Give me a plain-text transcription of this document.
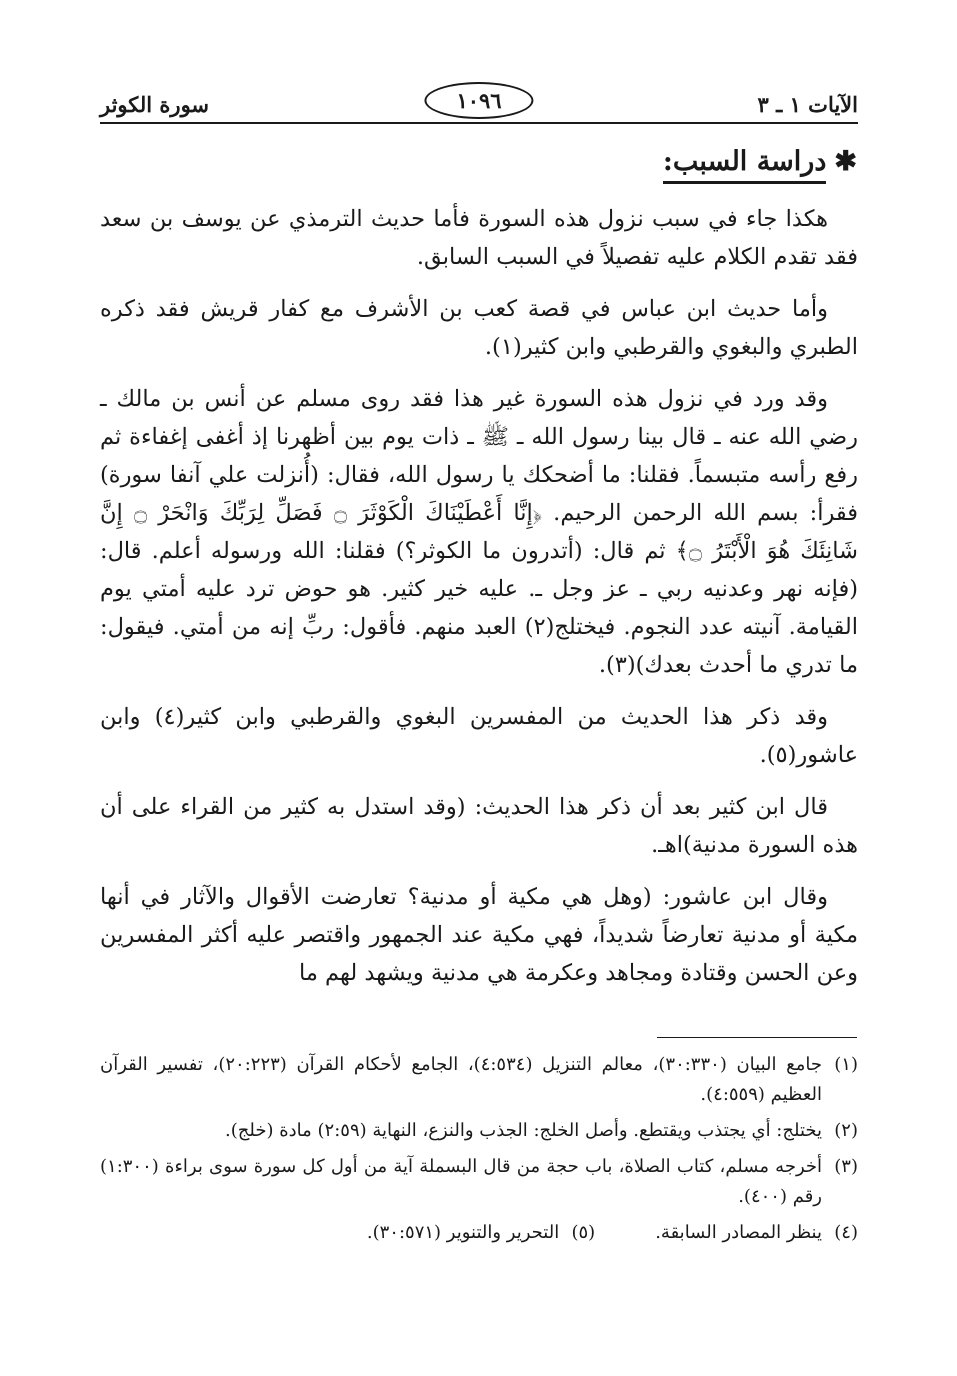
الآيات ١ ـ ٣
١٠٩٦
سورة الكوثر
✱دراسة السبب:

هكذا جاء في سبب نزول هذه السورة فأما حديث الترمذي عن يوسف بن سعد فقد تقدم الكلام عليه تفصيلاً في السبب السابق.

وأما حديث ابن عباس في قصة كعب بن الأشرف مع كفار قريش فقد ذكره الطبري والبغوي والقرطبي وابن كثير(١).

وقد ورد في نزول هذه السورة غير هذا فقد روى مسلم عن أنس بن مالك ـ رضي الله عنه ـ قال بينا رسول الله ـ ﷺ ـ ذات يوم بين أظهرنا إذ أغفى إغفاءة ثم رفع رأسه متبسماً. فقلنا: ما أضحكك يا رسول الله، فقال: (أُنزلت علي آنفا سورة) فقرأ: بسم الله الرحمن الرحيم. ﴿إِنَّا أَعْطَيْنَاكَ الْكَوْثَرَ ۝ فَصَلِّ لِرَبِّكَ وَانْحَرْ ۝ إِنَّ شَانِئَكَ هُوَ الْأَبْتَرُ ۝﴾ ثم قال: (أتدرون ما الكوثر؟) فقلنا: الله ورسوله أعلم. قال: (فإنه نهر وعدنيه ربي ـ عز وجل ـ. عليه خير كثير. هو حوض ترد عليه أمتي يوم القيامة. آنيته عدد النجوم. فيختلج(٢) العبد منهم. فأقول: ربِّ إنه من أمتي. فيقول: ما تدري ما أحدث بعدك)(٣).

وقد ذكر هذا الحديث من المفسرين البغوي والقرطبي وابن كثير(٤) وابن عاشور(٥).

قال ابن كثير بعد أن ذكر هذا الحديث: (وقد استدل به كثير من القراء على أن هذه السورة مدنية)اهـ.

وقال ابن عاشور: (وهل هي مكية أو مدنية؟ تعارضت الأقوال والآثار في أنها مكية أو مدنية تعارضاً شديداً، فهي مكية عند الجمهور واقتصر عليه أكثر المفسرين وعن الحسن وقتادة ومجاهد وعكرمة هي مدنية ويشهد لهم ما

(١)
جامع البيان (٣٠:٣٣٠)، معالم التنزيل (٤:٥٣٤)، الجامع لأحكام القرآن (٢٠:٢٢٣)، تفسير القرآن العظيم (٤:٥٥٩).
(٢)
يختلج: أي يجتذب ويقتطع. وأصل الخلج: الجذب والنزع، النهاية (٢:٥٩) مادة (خلج).
(٣)
أخرجه مسلم، كتاب الصلاة، باب حجة من قال البسملة آية من أول كل سورة سوى براءة (١:٣٠٠) رقم (٤٠٠).
(٤)
ينظر المصادر السابقة.
(٥)
التحرير والتنوير (٣٠:٥٧١).
